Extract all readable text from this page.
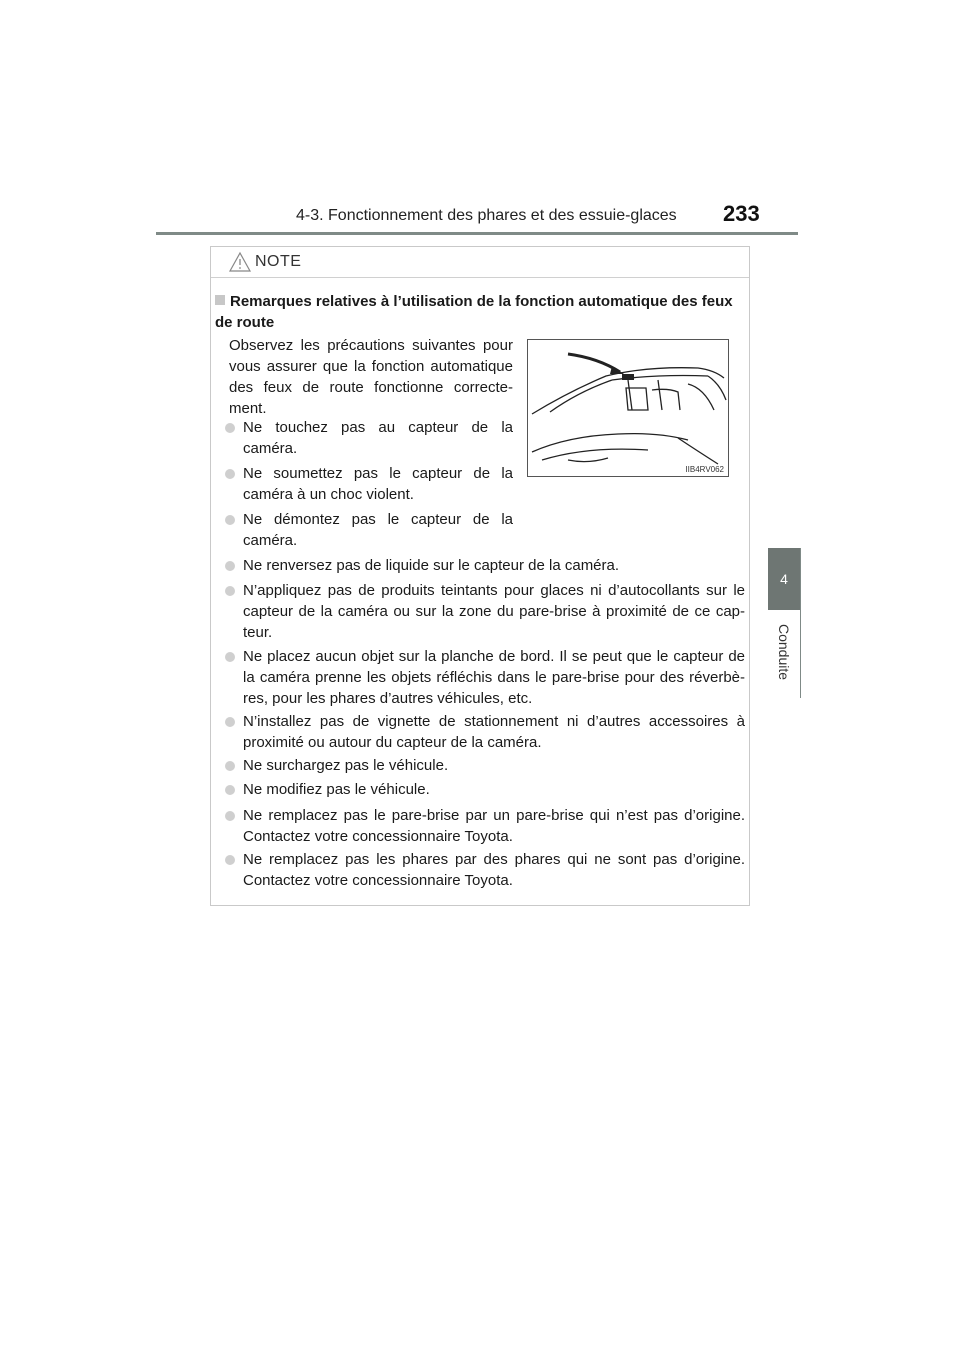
4-3. Fonctionnement des phares et des essuie-glaces 233
4
Conduite
NOTE
Remarques relatives à l’utilisation de la fonction automatique des feux de route
Observez les précautions suivantes pour vous assurer que la fonction automatique des feux de route fonctionne correcte-ment.
IIB4RV062
Ne touchez pas au capteur de la caméra.
Ne soumettez pas le capteur de la caméra à un choc violent.
Ne démontez pas le capteur de la caméra.
Ne renversez pas de liquide sur le capteur de la caméra.
N’appliquez pas de produits teintants pour glaces ni d’autocollants sur le capteur de la caméra ou sur la zone du pare-brise à proximité de ce cap-teur.
Ne placez aucun objet sur la planche de bord. Il se peut que le capteur de la caméra prenne les objets réfléchis dans le pare-brise pour des réverbè-res, pour les phares d’autres véhicules, etc.
N’installez pas de vignette de stationnement ni d’autres accessoires à proximité ou autour du capteur de la caméra.
Ne surchargez pas le véhicule.
Ne modifiez pas le véhicule.
Ne remplacez pas le pare-brise par un pare-brise qui n’est pas d’origine. Contactez votre concessionnaire Toyota.
Ne remplacez pas les phares par des phares qui ne sont pas d’origine. Contactez votre concessionnaire Toyota.
